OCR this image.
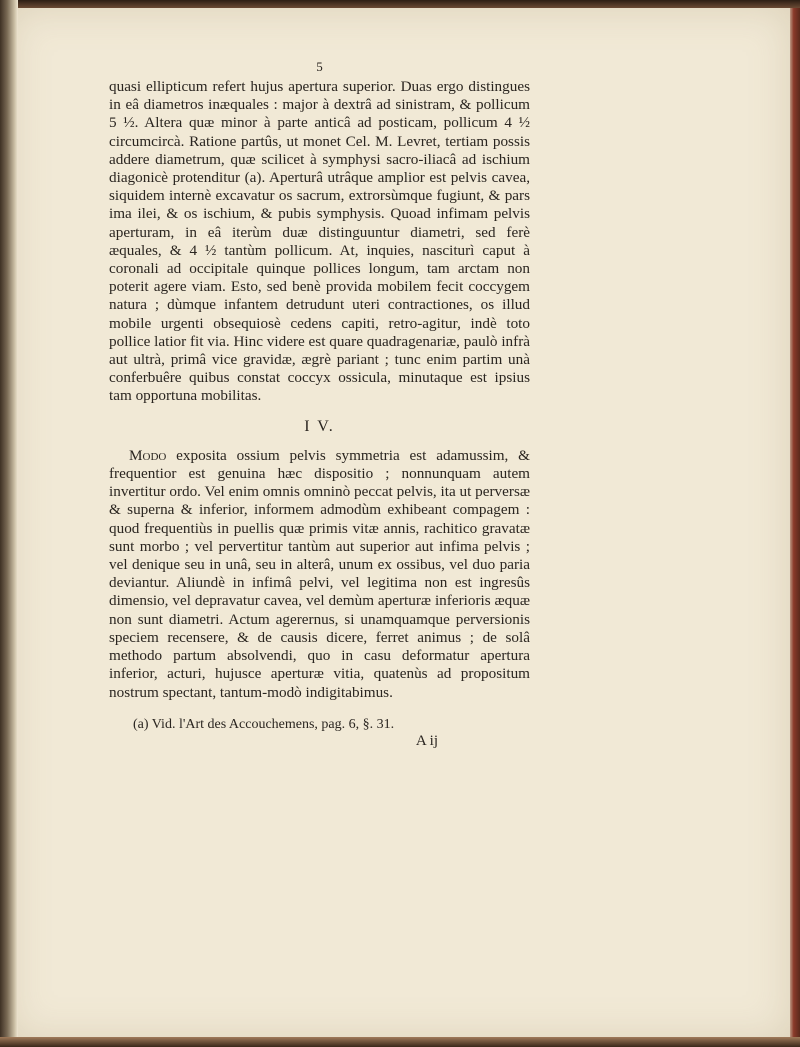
5

quasi ellipticum refert hujus apertura superior. Duas ergo distingues in eâ diametros inæquales : major à dextrâ ad sinistram, & pollicum 5 ½. Altera quæ minor à parte anticâ ad posticam, pollicum 4 ½ circumcircà. Ratione partûs, ut monet Cel. M. Levret, tertiam possis addere diametrum, quæ scilicet à symphysi sacro-iliacâ ad ischium diagonicè protenditur (a). Aperturâ utrâque amplior est pelvis cavea, siquidem internè excavatur os sacrum, extrorsùmque fugiunt, & pars ima ilei, & os ischium, & pubis symphysis. Quoad infimam pelvis aperturam, in eâ iterùm duæ distinguuntur diametri, sed ferè æquales, & 4 ½ tantùm pollicum. At, inquies, nasciturì caput à coronali ad occipitale quinque pollices longum, tam arctam non poterit agere viam. Esto, sed benè provida mobilem fecit coccygem natura ; dùmque infantem detrudunt uteri contractiones, os illud mobile urgenti obsequiosè cedens capiti, retro-agitur, indè toto pollice latior fit via. Hinc videre est quare quadragenariæ, paulò infrà aut ultrà, primâ vice gravidæ, ægrè pariant ; tunc enim partim unà conferbuêre quibus constat coccyx ossicula, minutaque est ipsius tam opportuna mobilitas.

I V.

Modo exposita ossium pelvis symmetria est adamussim, & frequentior est genuina hæc dispositio ; nonnunquam autem invertitur ordo. Vel enim omnis omninò peccat pelvis, ita ut perversæ & superna & inferior, informem admodùm exhibeant compagem : quod frequentiùs in puellis quæ primis vitæ annis, rachitico gravatæ sunt morbo ; vel pervertitur tantùm aut superior aut infima pelvis ; vel denique seu in unâ, seu in alterâ, unum ex ossibus, vel duo paria deviantur. Aliundè in infimâ pelvi, vel legitima non est ingresûs dimensio, vel depravatur cavea, vel demùm aperturæ inferioris æquæ non sunt diametri. Actum agerernus, si unamquamque perversionis speciem recensere, & de causis dicere, ferret animus ; de solâ methodo partum absolvendi, quo in casu deformatur apertura inferior, acturi, hujusce aperturæ vitia, quatenùs ad propositum nostrum spectant, tantum-modò indigitabimus.

(a) Vid. l'Art des Accouchemens, pag. 6, §. 31.
A ij
